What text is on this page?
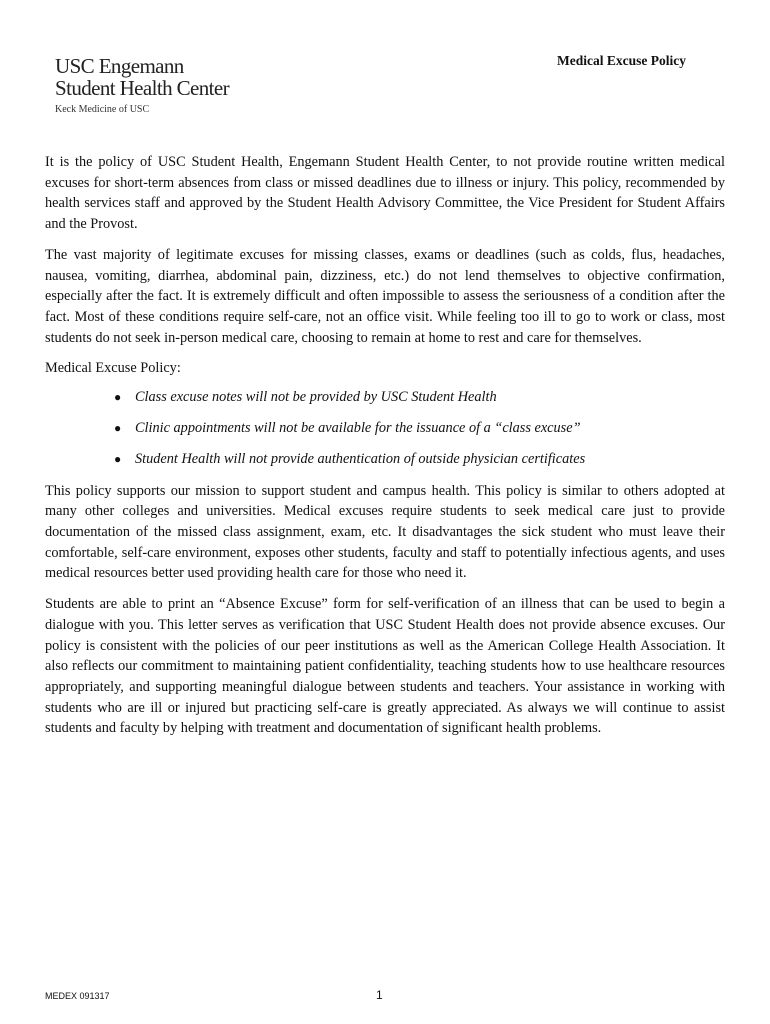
USC Engemann
Student Health Center
Keck Medicine of USC
Medical Excuse Policy

It is the policy of USC Student Health, Engemann Student Health Center, to not provide routine written medical excuses for short-term absences from class or missed deadlines due to illness or injury. This policy, recommended by health services staff and approved by the Student Health Advisory Committee, the Vice President for Student Affairs and the Provost.

The vast majority of legitimate excuses for missing classes, exams or deadlines (such as colds, flus, headaches, nausea, vomiting, diarrhea, abdominal pain, dizziness, etc.) do not lend themselves to objective confirmation, especially after the fact. It is extremely difficult and often impossible to assess the seriousness of a condition after the fact. Most of these conditions require self-care, not an office visit. While feeling too ill to go to work or class, most students do not seek in-person medical care, choosing to remain at home to rest and care for themselves.

Medical Excuse Policy:

● Class excuse notes will not be provided by USC Student Health
● Clinic appointments will not be available for the issuance of a “class excuse”
● Student Health will not provide authentication of outside physician certificates

This policy supports our mission to support student and campus health. This policy is similar to others adopted at many other colleges and universities. Medical excuses require students to seek medical care just to provide documentation of the missed class assignment, exam, etc. It disadvantages the sick student who must leave their comfortable, self-care environment, exposes other students, faculty and staff to potentially infectious agents, and uses medical resources better used providing health care for those who need it.

Students are able to print an “Absence Excuse” form for self-verification of an illness that can be used to begin a dialogue with you. This letter serves as verification that USC Student Health does not provide absence excuses. Our policy is consistent with the policies of our peer institutions as well as the American College Health Association. It also reflects our commitment to maintaining patient confidentiality, teaching students how to use healthcare resources appropriately, and supporting meaningful dialogue between students and teachers. Your assistance in working with students who are ill or injured but practicing self-care is greatly appreciated. As always we will continue to assist students and faculty by helping with treatment and documentation of significant health problems.

MEDEX 091317	1
